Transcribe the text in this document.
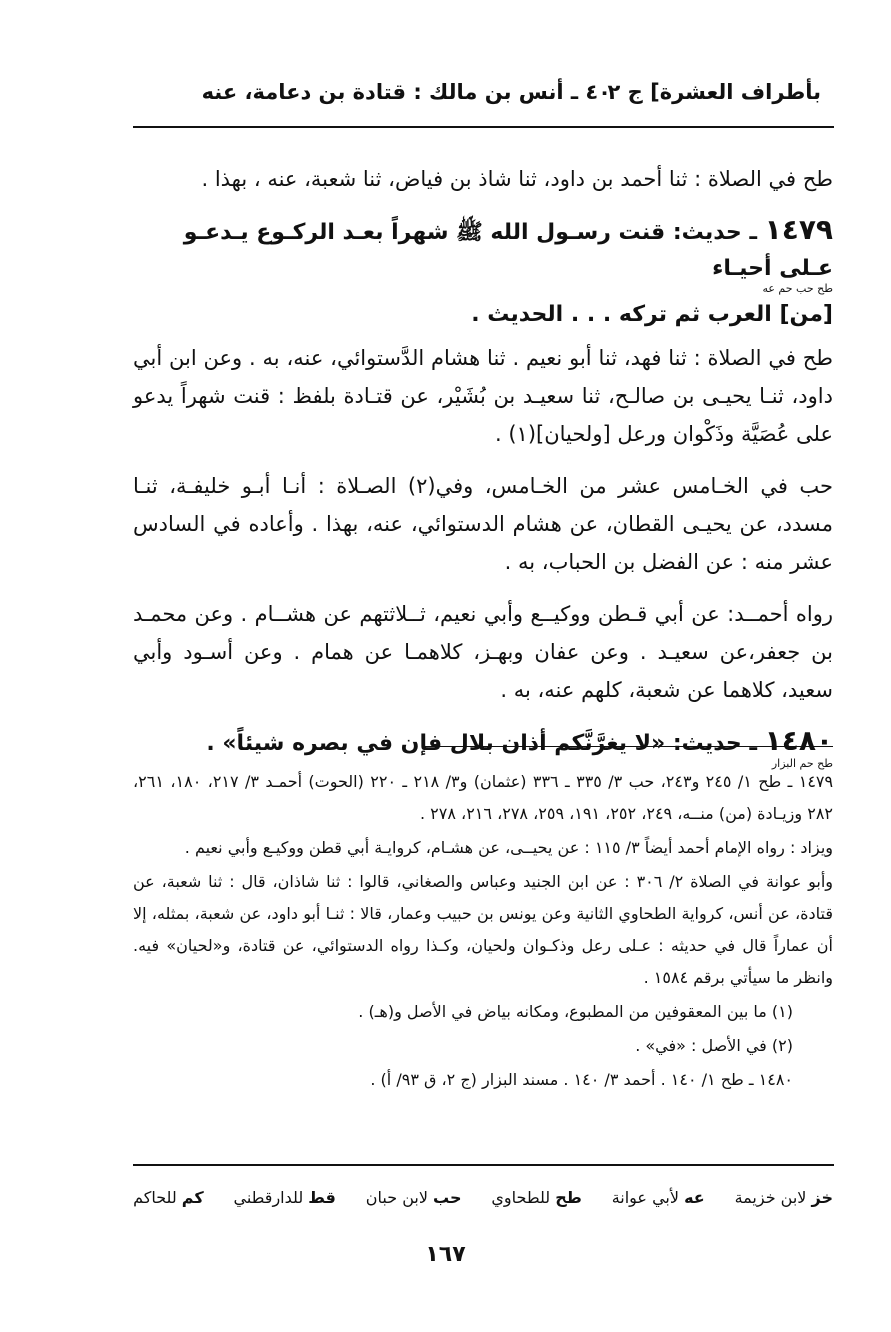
بأطراف العشرة] ج ٢
٤٠ ـ أنس بن مالك : قتادة بن دعامة، عنه

طح في الصلاة : ثنا أحمد بن داود، ثنا شاذ بن فياض، ثنا شعبة، عنه ، بهذا .

١٤٧٩ ـ حديث: قنت رسـول الله ﷺ شهراً بعـد الركـوع يـدعـو عـلى أحيـاء
طح حب حم عه
[من] العرب ثم تركه . . . الحديث .

طح في الصلاة : ثنا فهد، ثنا أبو نعيم . ثنا هشام الدَّستوائي، عنه، به . وعن ابن أبي داود، ثنـا يحيـى بن صالـح، ثنا سعيـد بن بُشَيْر، عن قتـادة بلفظ : قنت شهراً يدعو على عُصَيَّة وذَكْوان ورعل [ولحيان](١) .

حب في الخـامس عشر من الخـامس، وفي(٢) الصـلاة : أنـا أبـو خليفـة، ثنـا مسدد، عن يحيـى القطان، عن هشام الدستوائي، عنه، بهذا . وأعاده في السادس عشر منه : عن الفضل بن الحباب، به .

رواه أحمــد: عن أبي قـطن ووكيــع وأبي نعيم، ثــلاثتهم عن هشــام . وعن محمـد بن جعفر،عن سعيـد . وعن عفان وبهـز، كلاهمـا عن همام . وعن أسـود وأبي سعيد، كلاهما عن شعبة، كلهم عنه، به .

١٤٨٠ ـ حديث: «لا يغرَّنَّكم أذان بلال فإن في بصره شيئاً» .
طح حم البزار

١٤٧٩ ـ طح ١/ ٢٤٥ و٢٤٣، حب ٣/ ٣٣٥ ـ ٣٣٦ (عثمان) و٣/ ٢١٨ ـ ٢٢٠ (الحوت) أحمـد ٣/ ٢١٧، ١٨٠، ٢٦١، ٢٨٢ وزيـادة (من) منــه، ٢٤٩، ٢٥٢، ١٩١، ٢٥٩، ٢٧٨، ٢١٦، ٢٧٨ .

ويزاد : رواه الإمام أحمد أيضاً ٣/ ١١٥ : عن يحيــى، عن هشـام، كروايـة أبي قطن ووكيـع وأبي نعيم .

وأبو عوانة في الصلاة ٢/ ٣٠٦ : عن ابن الجنيد وعباس والصغاني، قالوا : ثنا شاذان، قال : ثنا شعبة، عن قتادة، عن أنس، كرواية الطحاوي الثانية وعن يونس بن حبيب وعمار، قالا : ثنـا أبو داود، عن شعبة، بمثله، إلا أن عماراً قال في حديثه : عـلى رعل وذكـوان ولحيان، وكـذا رواه الدستوائي، عن قتادة، و«لحيان» فيه. وانظر ما سيأتي برقم ١٥٨٤ .

(١) ما بين المعقوفين من المطبوع، ومكانه بياض في الأصل و(هـ) .

(٢) في الأصل : «في» .

١٤٨٠ ـ طح ١/ ١٤٠ . أحمد ٣/ ١٤٠ . مسند البزار (ج ٢، ق ٩٣/ أ) .

خز لابن خزيمة
عه لأبي عوانة
طح للطحاوي
حب لابن حبان
قط للدارقطني
كم للحاكم
١٦٧
